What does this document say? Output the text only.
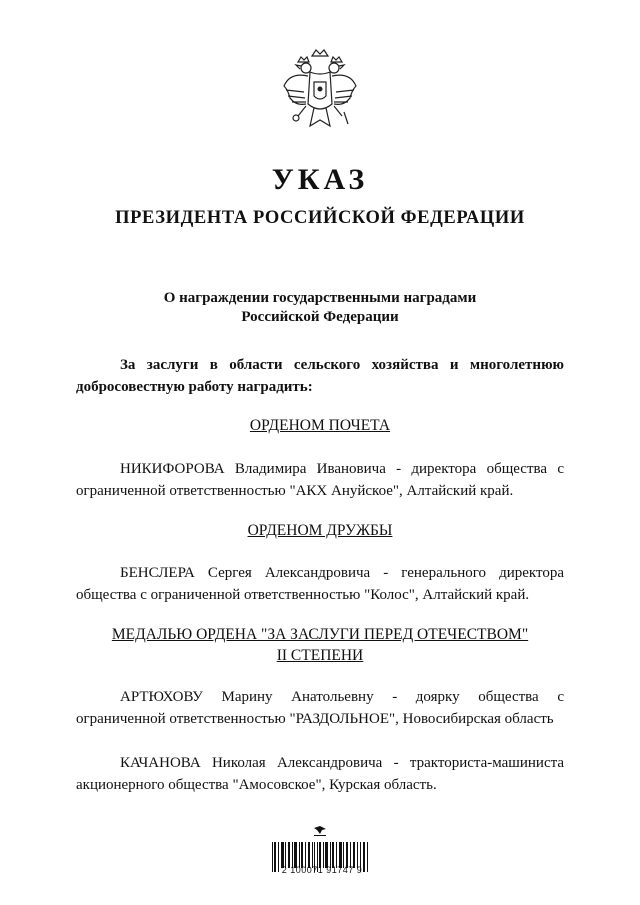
УКАЗ
ПРЕЗИДЕНТА РОССИЙСКОЙ ФЕДЕРАЦИИ
О награждении государственными наградами
Российской Федерации
За заслуги в области сельского хозяйства и многолетнюю добросовестную работу наградить:
ОРДЕНОМ ПОЧЕТА
НИКИФОРОВА Владимира Ивановича - директора общества с ограниченной ответственностью "АКХ Ануйское", Алтайский край.
ОРДЕНОМ ДРУЖБЫ
БЕНСЛЕРА Сергея Александровича - генерального директора общества с ограниченной ответственностью "Колос", Алтайский край.
МЕДАЛЬЮ ОРДЕНА "ЗА ЗАСЛУГИ ПЕРЕД ОТЕЧЕСТВОМ"
II СТЕПЕНИ
АРТЮХОВУ Марину Анатольевну - доярку общества с ограниченной ответственностью "РАЗДОЛЬНОЕ", Новосибирская область
КАЧАНОВА Николая Александровича - тракториста-машиниста акционерного общества "Амосовское", Курская область.
2 100071 91747 9
